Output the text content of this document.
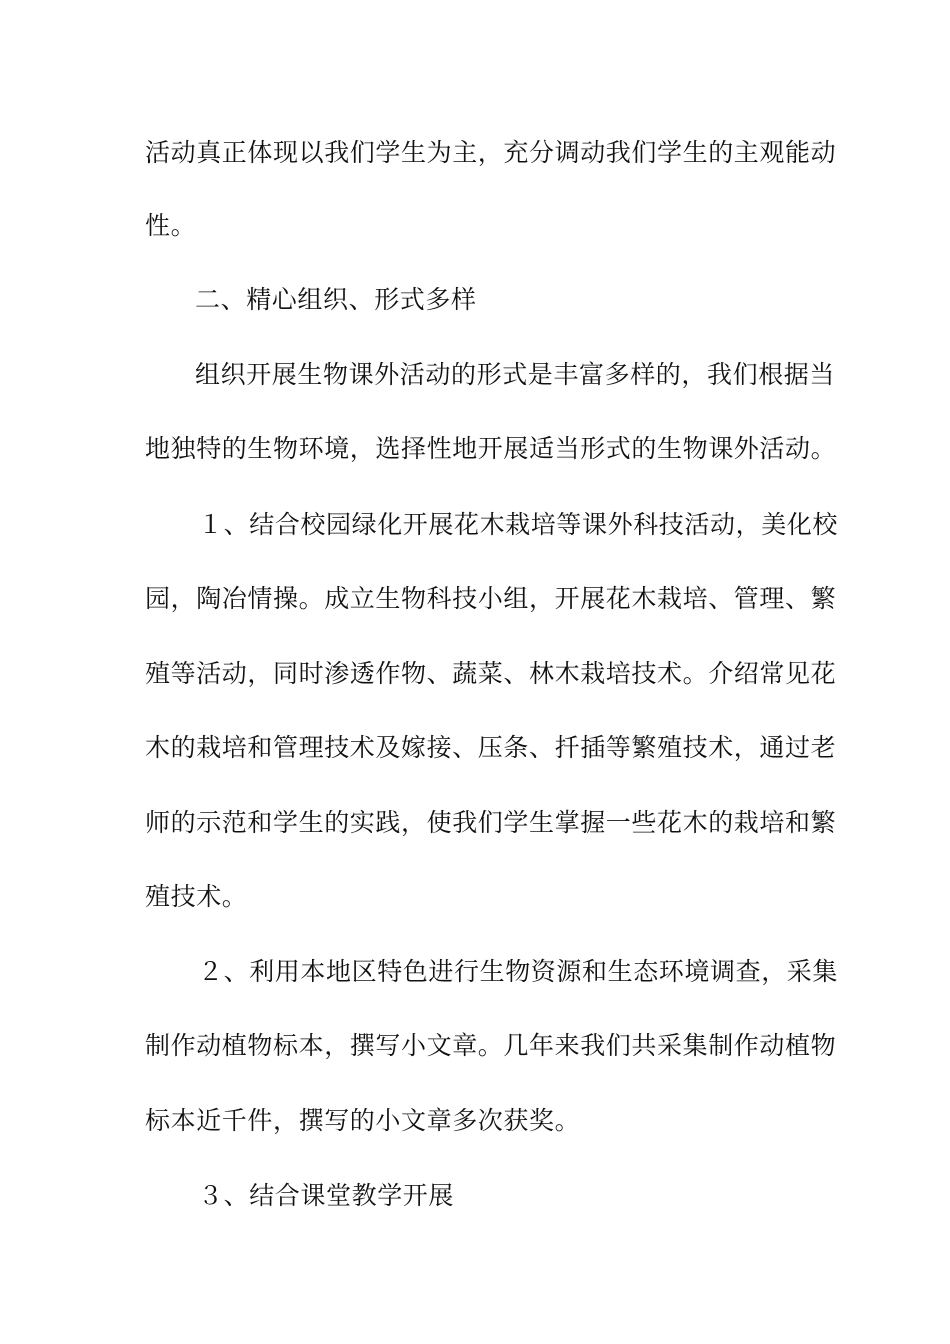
活动真正体现以我们学生为主，充分调动我们学生的主观能动
性。
二、精心组织、形式多样
组织开展生物课外活动的形式是丰富多样的，我们根据当
地独特的生物环境，选择性地开展适当形式的生物课外活动。
１、结合校园绿化开展花木栽培等课外科技活动，美化校
园，陶冶情操。成立生物科技小组，开展花木栽培、管理、繁
殖等活动，同时渗透作物、蔬菜、林木栽培技术。介绍常见花
木的栽培和管理技术及嫁接、压条、扦插等繁殖技术，通过老
师的示范和学生的实践，使我们学生掌握一些花木的栽培和繁
殖技术。
２、利用本地区特色进行生物资源和生态环境调查，采集
制作动植物标本，撰写小文章。几年来我们共采集制作动植物
标本近千件，撰写的小文章多次获奖。
３、结合课堂教学开展
